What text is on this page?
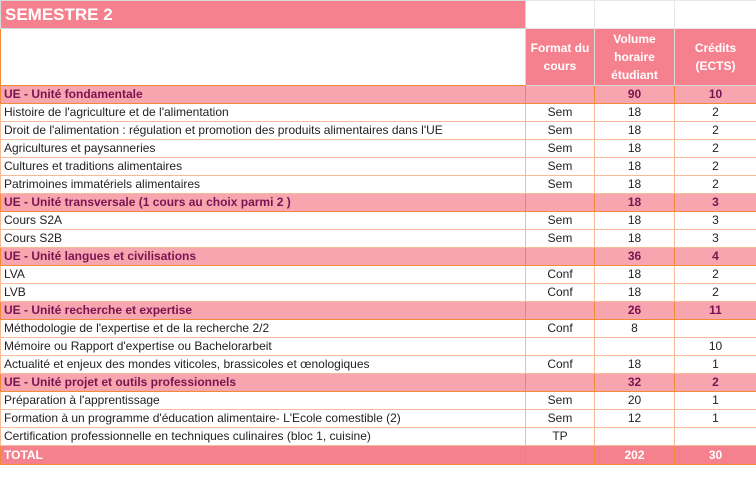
SEMESTRE 2			
	Format du cours	Volume horaire étudiant	Crédits (ECTS)
UE - Unité fondamentale		90	10
Histoire de l'agriculture et de l'alimentation	Sem	18	2
Droit de l'alimentation : régulation et promotion des produits alimentaires dans l'UE	Sem	18	2
Agricultures et paysanneries	Sem	18	2
Cultures et traditions alimentaires	Sem	18	2
Patrimoines immatériels alimentaires	Sem	18	2
UE - Unité transversale (1 cours au choix parmi 2 )		18	3
Cours S2A	Sem	18	3
Cours S2B	Sem	18	3
UE - Unité langues et civilisations		36	4
LVA	Conf	18	2
LVB	Conf	18	2
UE - Unité recherche et expertise		26	11
Méthodologie de l'expertise et de la recherche 2/2	Conf	8	
Mémoire ou Rapport d'expertise ou Bachelorarbeit			10
Actualité et enjeux des mondes viticoles, brassicoles et œnologiques	Conf	18	1
UE - Unité projet et outils professionnels		32	2
Préparation à l'apprentissage	Sem	20	1
Formation à un programme d'éducation alimentaire- L'Ecole comestible (2)	Sem	12	1
Certification professionnelle en techniques culinaires (bloc 1, cuisine)	TP		
TOTAL		202	30
